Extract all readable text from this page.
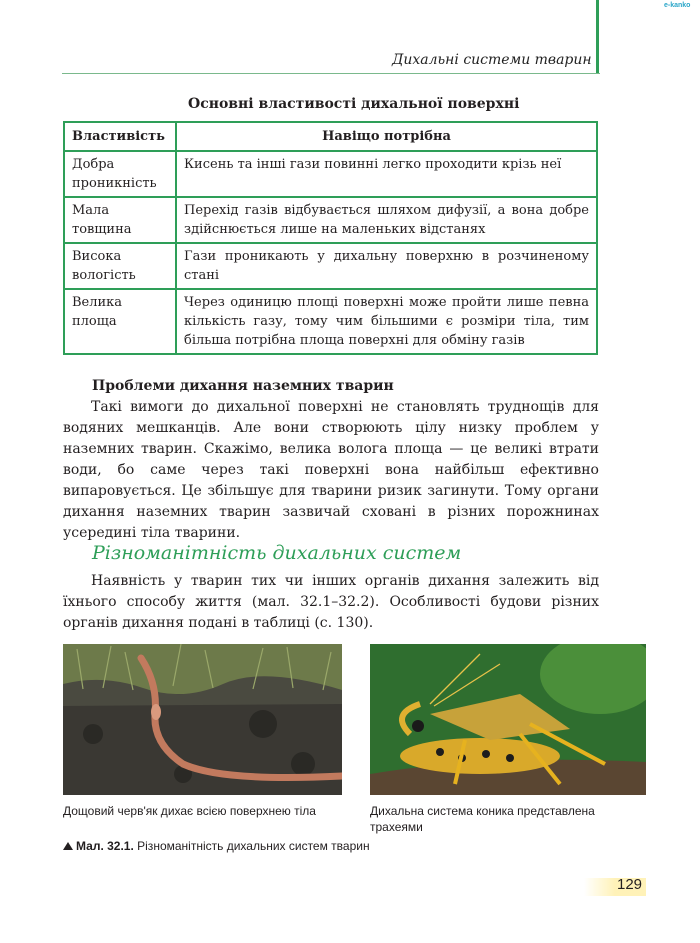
e-kanko
Дихальні системи тварин
Основні властивості дихальної поверхні
Властивість	Навіщо потрібна
Добра проникність	Кисень та інші гази повинні легко проходити крізь неї
Мала товщина	Перехід газів відбувається шляхом дифузії, а вона добре здійснюється лише на маленьких відстанях
Висока вологість	Гази проникають у дихальну поверхню в розчиненому стані
Велика площа	Через одиницю площі поверхні може пройти лише певна кількість газу, тому чим більшими є розміри тіла, тим більша потрібна площа поверхні для обміну газів
Проблеми дихання наземних тварин

Такі вимоги до дихальної поверхні не становлять труднощів для водяних мешканців. Але вони створюють цілу низку проблем у наземних тварин. Скажімо, велика волога площа — це великі втрати води, бо саме через такі поверхні вона найбільш ефективно випаровується. Це збільшує для тварини ризик загинути. Тому органи дихання наземних тварин зазвичай сховані в різних порожнинах усередині тіла тварини.

Різноманітність дихальних систем

Наявність у тварин тих чи інших органів дихання залежить від їхнього способу життя (мал. 32.1–32.2). Особливості будови різних органів дихання подані в таблиці (с. 130).

Дощовий черв'як дихає всією поверхнею тіла	Дихальна система коника представлена трахеями
Мал. 32.1. Різноманітність дихальних систем тварин
129
